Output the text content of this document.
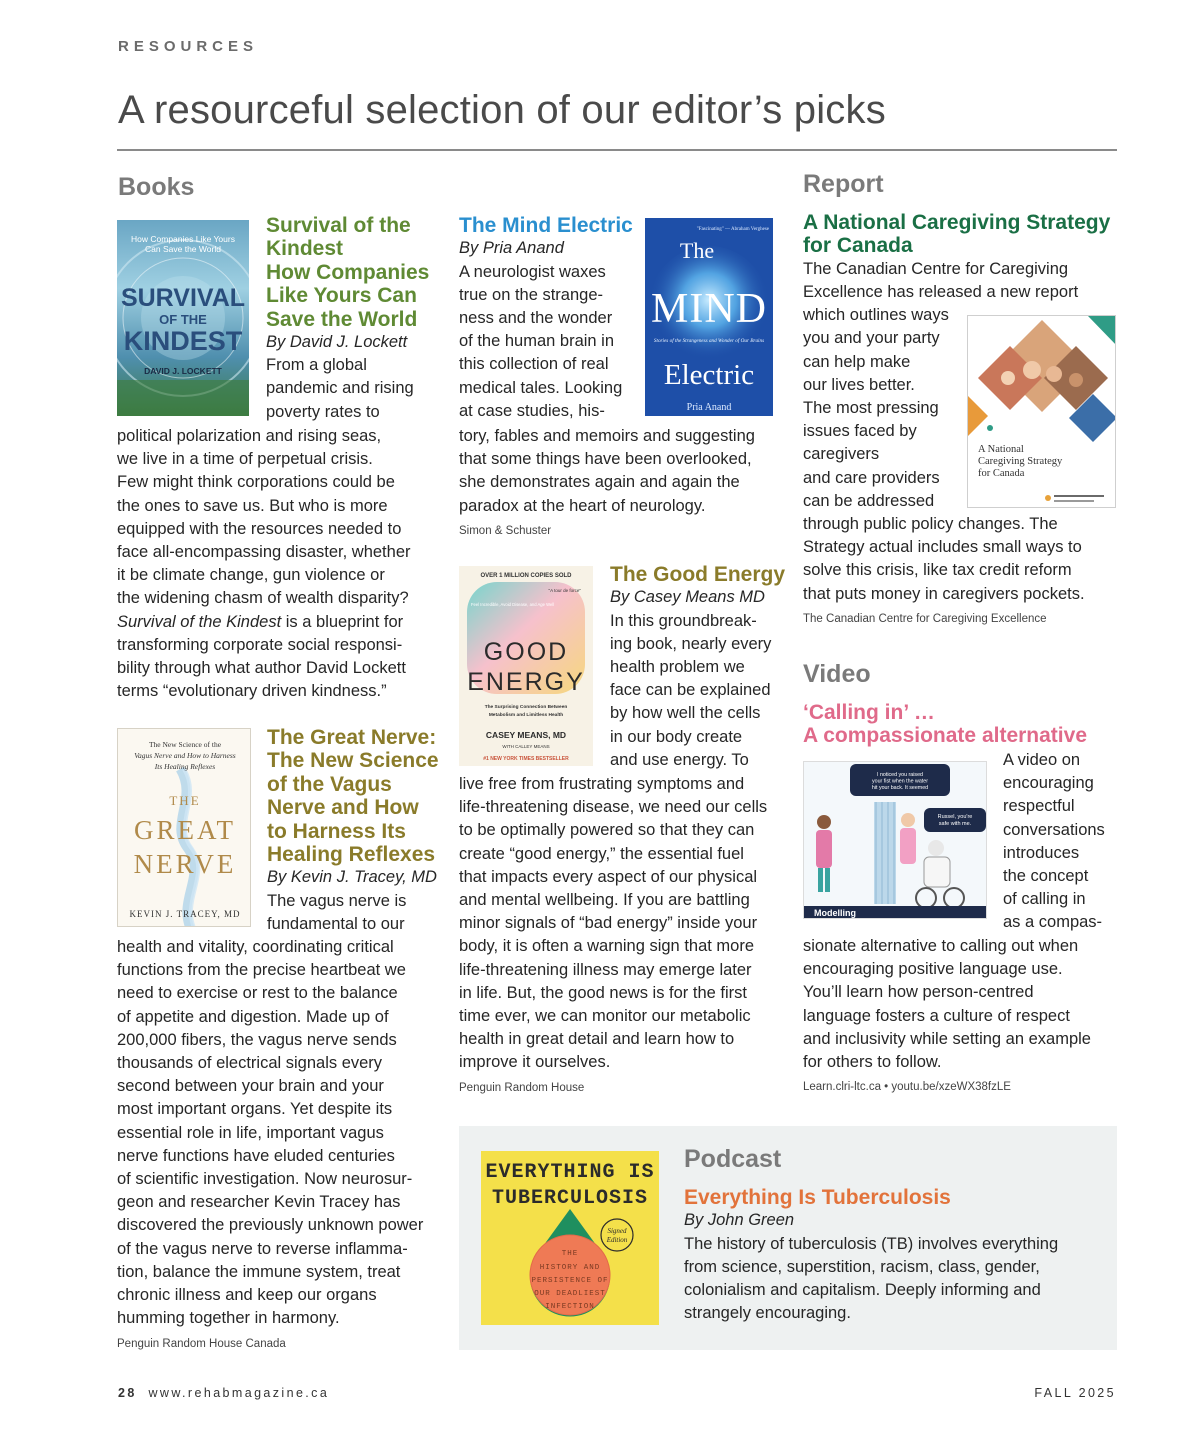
RESOURCES
A resourceful selection of our editor’s picks
Books
How Companies Like Yours
Can Save the World
SURVIVAL
OF THE
KINDEST
DAVID J. LOCKETT
Survival of the
Kindest
How Companies
Like Yours Can
Save the World
By David J. Lockett
From a global
pandemic and rising
poverty rates to
political polarization and rising seas,
we live in a time of perpetual crisis.
Few might think corporations could be
the ones to save us. But who is more
equipped with the resources needed to
face all-encompassing disaster, whether
it be climate change, gun violence or
the widening chasm of wealth disparity?
Survival of the Kindest is a blueprint for
transforming corporate social responsi-
bility through what author David Lockett
terms “evolutionary driven kindness.”
The New Science of the
Vagus Nerve and How to Harness
Its Healing Reflexes
THE
GREAT
NERVE
KEVIN J. TRACEY, MD
The Great Nerve:
The New Science
of the Vagus
Nerve and How
to Harness Its
Healing Reflexes
By Kevin J. Tracey, MD
The vagus nerve is
fundamental to our
health and vitality, coordinating critical
functions from the precise heartbeat we
need to exercise or rest to the balance
of appetite and digestion. Made up of
200,000 fibers, the vagus nerve sends
thousands of electrical signals every
second between your brain and your
most important organs. Yet despite its
essential role in life, important vagus
nerve functions have eluded centuries
of scientific investigation. Now neurosur-
geon and researcher Kevin Tracey has
discovered the previously unknown power
of the vagus nerve to reverse inflamma-
tion, balance the immune system, treat
chronic illness and keep our organs
humming together in harmony.
Penguin Random House Canada
The Mind Electric
By Pria Anand
A neurologist waxes
true on the strange-
ness and the wonder
of the human brain in
this collection of real
medical tales. Looking
at case studies, his-
"Fascinating" — Abraham Verghese
The
MIND
Stories of the Strangeness and Wonder of Our Brains
Electric
Pria Anand
tory, fables and memoirs and suggesting
that some things have been overlooked,
she demonstrates again and again the
paradox at the heart of neurology.
Simon & Schuster
OVER 1 MILLION COPIES SOLD
Feel Incredible, Avoid Disease, and Age Well
"A tour de force"
GOOD
ENERGY
The Surprising Connection Between
Metabolism and Limitless Health
CASEY MEANS, MD
WITH CALLEY MEANS
#1 NEW YORK TIMES BESTSELLER
The Good Energy
By Casey Means MD
In this groundbreak-
ing book, nearly every
health problem we
face can be explained
by how well the cells
in our body create
and use energy. To
live free from frustrating symptoms and
life-threatening disease, we need our cells
to be optimally powered so that they can
create “good energy,” the essential fuel
that impacts every aspect of our physical
and mental wellbeing. If you are battling
minor signals of “bad energy” inside your
body, it is often a warning sign that more
life-threatening illness may emerge later
in life. But, the good news is for the first
time ever, we can monitor our metabolic
health in great detail and learn how to
improve it ourselves.
Penguin Random House
Report
A National Caregiving Strategy
for Canada
The Canadian Centre for Caregiving
Excellence has released a new report
which outlines ways
you and your party
can help make
our lives better.
The most pressing
issues faced by
caregivers
and care providers
can be addressed
through public policy changes. The
Strategy actual includes small ways to
solve this crisis, like tax credit reform
that puts money in caregivers pockets.
The Canadian Centre for Caregiving Excellence
A National
Caregiving Strategy
for Canada
Video
‘Calling in’ …
A compassionate alternative
I noticed you raised your fist when the water hit your back. It seemed
Russel, you're safe with me.
Modelling
A video on
encouraging
respectful
conversations
introduces
the concept
of calling in
as a compas-
sionate alternative to calling out when
encouraging positive language use.
You’ll learn how person-centred
language fosters a culture of respect
and inclusivity while setting an example
for others to follow.
Learn.clri-ltc.ca • youtu.be/xzeWX38fzLE
EVERYTHING IS
TUBERCULOSIS
Signed
Edition
THE
HISTORY AND
PERSISTENCE OF
OUR DEADLIEST
INFECTION
Podcast
Everything Is Tuberculosis
By John Green
The history of tuberculosis (TB) involves everything
from science, superstition, racism, class, gender,
colonialism and capitalism. Deeply informing and
strangely encouraging.
28 www.rehabmagazine.ca	FALL 2025
